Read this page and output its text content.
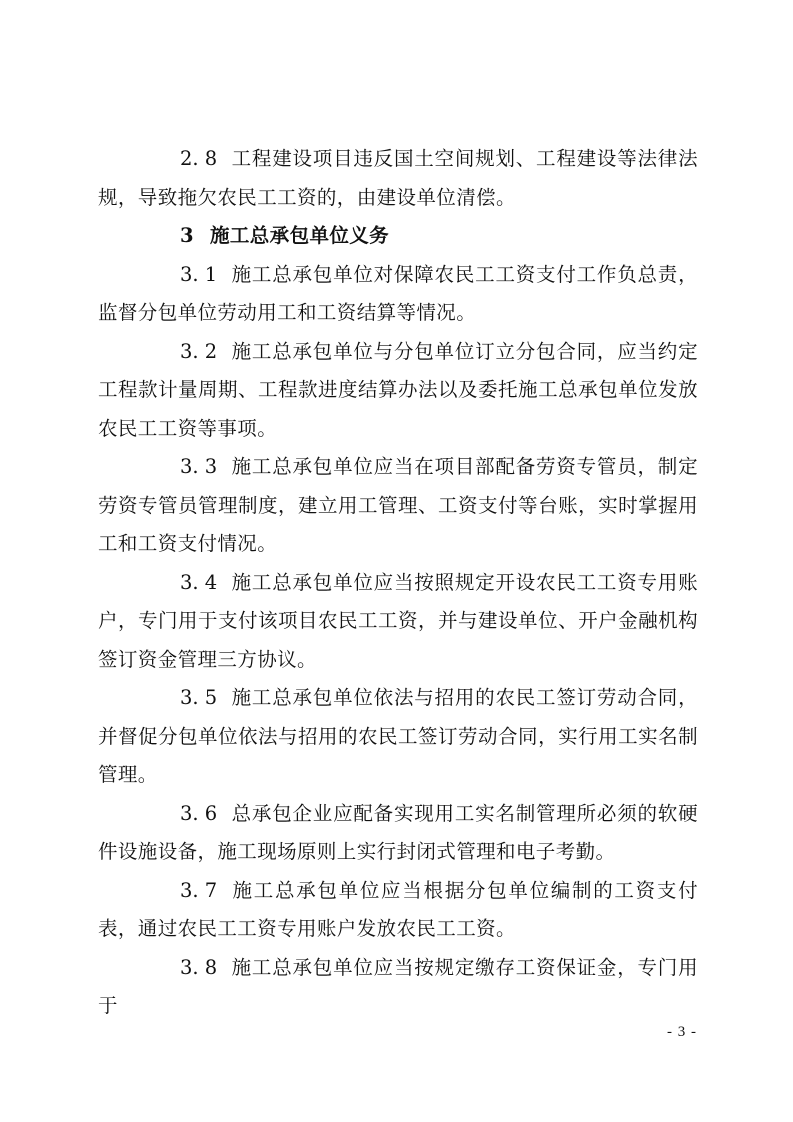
2. 8 工程建设项目违反国土空间规划、工程建设等法律法规，导致拖欠农民工工资的，由建设单位清偿。

3 施工总承包单位义务

3. 1 施工总承包单位对保障农民工工资支付工作负总责，监督分包单位劳动用工和工资结算等情况。

3. 2 施工总承包单位与分包单位订立分包合同，应当约定工程款计量周期、工程款进度结算办法以及委托施工总承包单位发放农民工工资等事项。

3. 3 施工总承包单位应当在项目部配备劳资专管员，制定劳资专管员管理制度，建立用工管理、工资支付等台账，实时掌握用工和工资支付情况。

3. 4 施工总承包单位应当按照规定开设农民工工资专用账户，专门用于支付该项目农民工工资，并与建设单位、开户金融机构签订资金管理三方协议。

3. 5 施工总承包单位依法与招用的农民工签订劳动合同，并督促分包单位依法与招用的农民工签订劳动合同，实行用工实名制管理。

3. 6 总承包企业应配备实现用工实名制管理所必须的软硬件设施设备，施工现场原则上实行封闭式管理和电子考勤。

3. 7 施工总承包单位应当根据分包单位编制的工资支付表，通过农民工工资专用账户发放农民工工资。

3. 8 施工总承包单位应当按规定缴存工资保证金，专门用于

- 3 -
